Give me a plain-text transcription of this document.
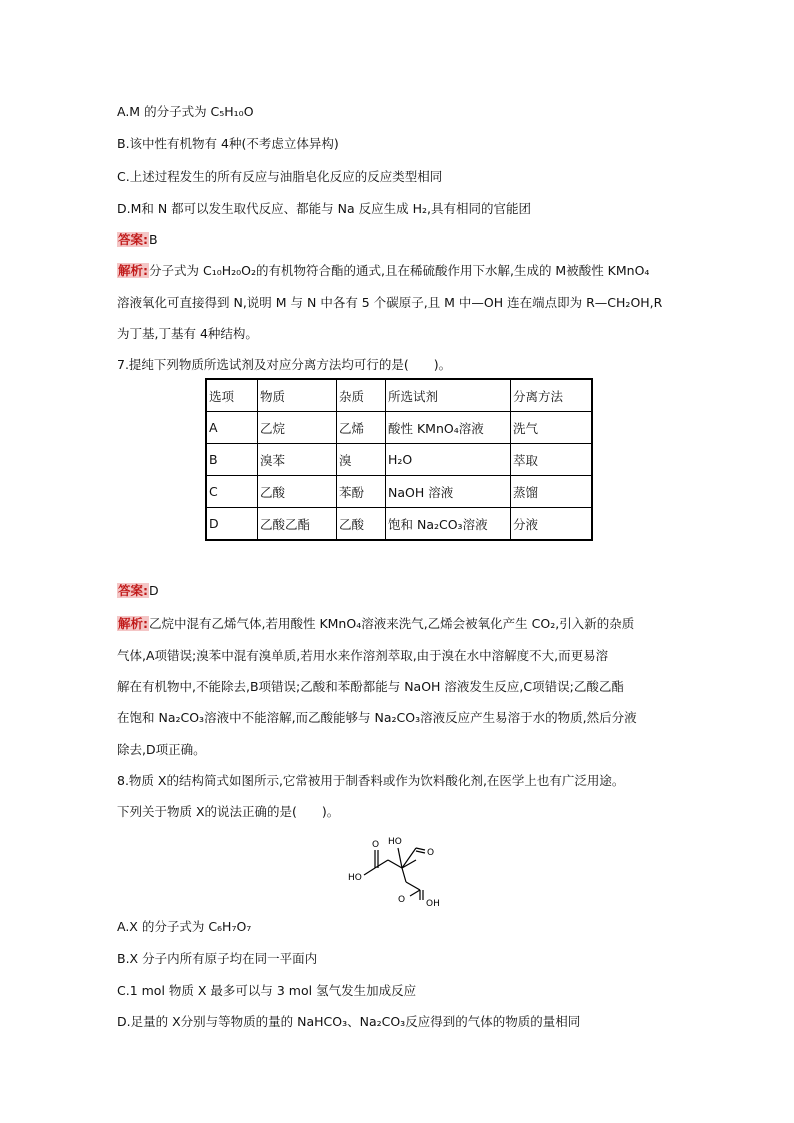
A.M 的分子式为 C₅H₁₀O
B.该中性有机物有 4种(不考虑立体异构)
C.上述过程发生的所有反应与油脂皂化反应的反应类型相同
D.M和 N 都可以发生取代反应、都能与 Na 反应生成 H₂,具有相同的官能团
答案:B
解析:分子式为 C₁₀H₂₀O₂的有机物符合酯的通式,且在稀硫酸作用下水解,生成的 M被酸性 KMnO₄
溶液氧化可直接得到 N,说明 M 与 N 中各有 5 个碳原子,且 M 中—OH 连在端点即为 R—CH₂OH,R
为丁基,丁基有 4种结构。
7.提纯下列物质所选试剂及对应分离方法均可行的是(　　)。
选项	物质	杂质	所选试剂	分离方法
A	乙烷	乙烯	酸性 KMnO₄溶液	洗气
B	溴苯	溴	H₂O	萃取
C	乙酸	苯酚	NaOH 溶液	蒸馏
D	乙酸乙酯	乙酸	饱和 Na₂CO₃溶液	分液
答案:D
解析:乙烷中混有乙烯气体,若用酸性 KMnO₄溶液来洗气,乙烯会被氧化产生 CO₂,引入新的杂质
气体,A项错误;溴苯中混有溴单质,若用水来作溶剂萃取,由于溴在水中溶解度不大,而更易溶
解在有机物中,不能除去,B项错误;乙酸和苯酚都能与 NaOH 溶液发生反应,C项错误;乙酸乙酯
在饱和 Na₂CO₃溶液中不能溶解,而乙酸能够与 Na₂CO₃溶液反应产生易溶于水的物质,然后分液
除去,D项正确。
8.物质 X的结构简式如图所示,它常被用于制香料或作为饮料酸化剂,在医学上也有广泛用途。
下列关于物质 X的说法正确的是(　　)。
HO
O
O
HO
O OH
A.X 的分子式为 C₆H₇O₇
B.X 分子内所有原子均在同一平面内
C.1 mol 物质 X 最多可以与 3 mol 氢气发生加成反应
D.足量的 X分别与等物质的量的 NaHCO₃、Na₂CO₃反应得到的气体的物质的量相同
